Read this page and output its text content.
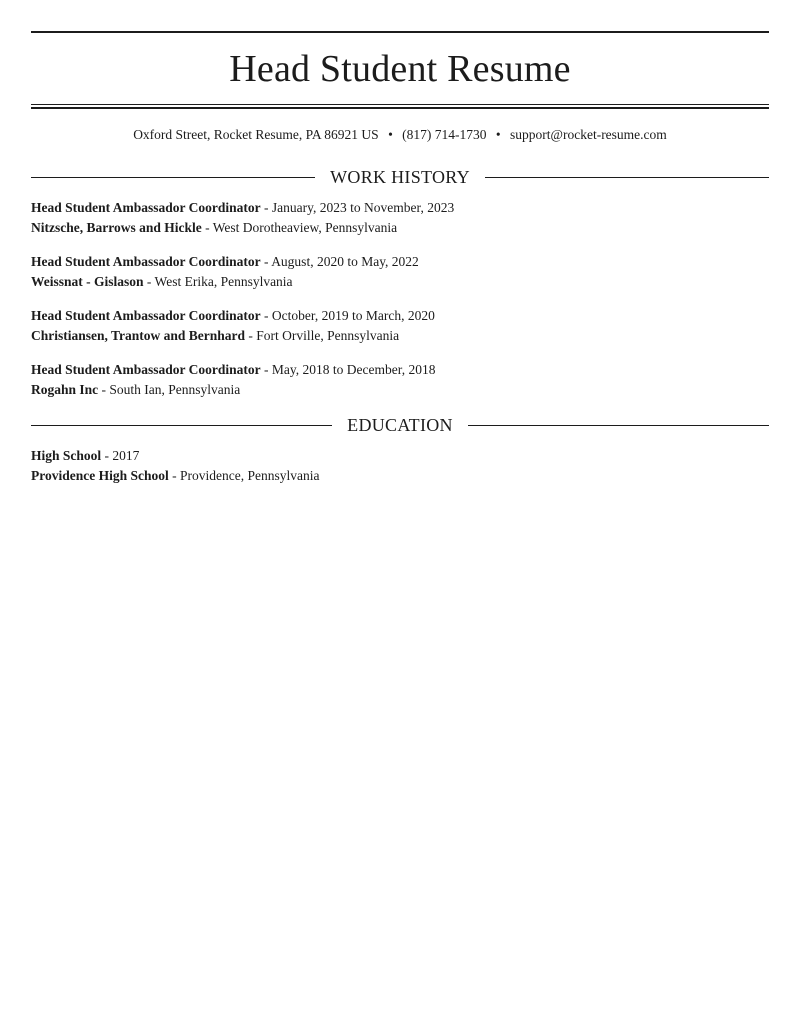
Head Student Resume
Oxford Street, Rocket Resume, PA 86921 US • (817) 714-1730 • support@rocket-resume.com
WORK HISTORY
Head Student Ambassador Coordinator - January, 2023 to November, 2023
Nitzsche, Barrows and Hickle - West Dorotheaview, Pennsylvania
Head Student Ambassador Coordinator - August, 2020 to May, 2022
Weissnat - Gislason - West Erika, Pennsylvania
Head Student Ambassador Coordinator - October, 2019 to March, 2020
Christiansen, Trantow and Bernhard - Fort Orville, Pennsylvania
Head Student Ambassador Coordinator - May, 2018 to December, 2018
Rogahn Inc - South Ian, Pennsylvania
EDUCATION
High School - 2017
Providence High School - Providence, Pennsylvania
